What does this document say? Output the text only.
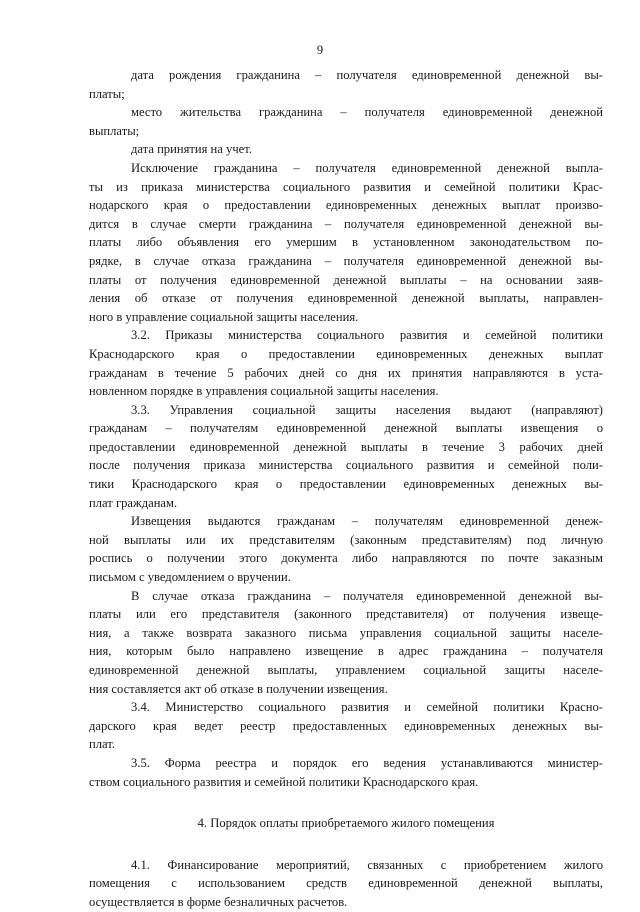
9

дата рождения гражданина – получателя единовременной денежной вы-
платы;

место жительства гражданина – получателя единовременной денежной
выплаты;

дата принятия на учет.

Исключение гражданина – получателя единовременной денежной выпла-
ты из приказа министерства социального развития и семейной политики Крас-
нодарского края о предоставлении единовременных денежных выплат произво-
дится в случае смерти гражданина – получателя единовременной денежной вы-
платы либо объявления его умершим в установленном законодательством по-
рядке, в случае отказа гражданина – получателя единовременной денежной вы-
платы от получения единовременной денежной выплаты – на основании заяв-
ления об отказе от получения единовременной денежной выплаты, направлен-
ного в управление социальной защиты населения.

3.2. Приказы министерства социального развития и семейной политики
Краснодарского края о предоставлении единовременных денежных выплат
гражданам в течение 5 рабочих дней со дня их принятия направляются в уста-
новленном порядке в управления социальной защиты населения.

3.3. Управления социальной защиты населения выдают (направляют)
гражданам – получателям единовременной денежной выплаты извещения о
предоставлении единовременной денежной выплаты в течение 3 рабочих дней
после получения приказа министерства социального развития и семейной поли-
тики Краснодарского края о предоставлении единовременных денежных вы-
плат гражданам.

Извещения выдаются гражданам – получателям единовременной денеж-
ной выплаты или их представителям (законным представителям) под личную
роспись о получении этого документа либо направляются по почте заказным
письмом с уведомлением о вручении.

В случае отказа гражданина – получателя единовременной денежной вы-
платы или его представителя (законного представителя) от получения извеще-
ния, а также возврата заказного письма управления социальной защиты населе-
ния, которым было направлено извещение в адрес гражданина – получателя
единовременной денежной выплаты, управлением социальной защиты населе-
ния составляется акт об отказе в получении извещения.

3.4. Министерство социального развития и семейной политики Красно-
дарского края ведет реестр предоставленных единовременных денежных вы-
плат.

3.5. Форма реестра и порядок его ведения устанавливаются министер-
ством социального развития и семейной политики Краснодарского края.

4. Порядок оплаты приобретаемого жилого помещения

4.1. Финансирование мероприятий, связанных с приобретением жилого
помещения с использованием средств единовременной денежной выплаты,
осуществляется в форме безналичных расчетов.
